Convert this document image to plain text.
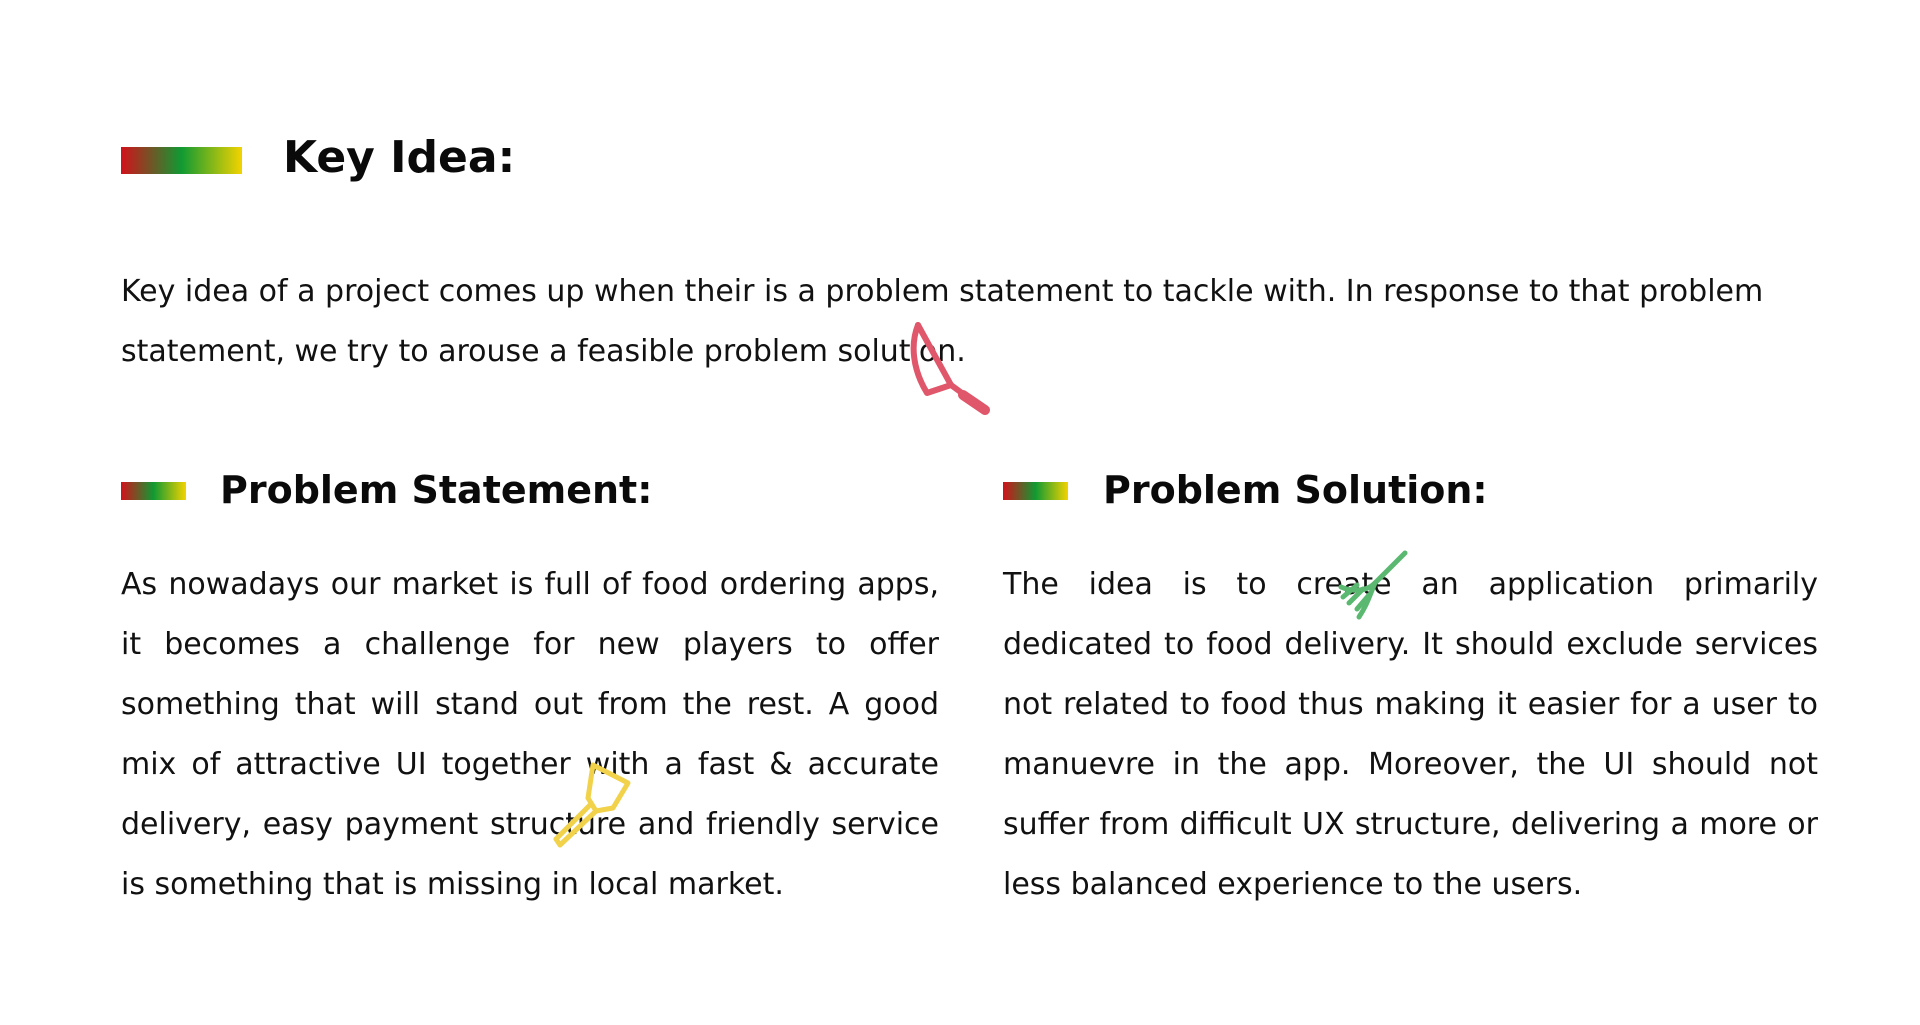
Key Idea:

Key idea of a project comes up when their is a problem statement to tackle with. In response to that problem statement, we try to arouse a feasible problem solution.

Problem Statement:

As nowadays our market is full of food ordering apps, it becomes a challenge for new players to offer something that will stand out from the rest. A good mix of attractive UI together with a fast & accurate delivery, easy payment structure and friendly service is something that is missing in local market.

Problem Solution:

The idea is to create an application primarily dedicated to food delivery. It should exclude services not related to food thus making it easier for a user to manuevre in the app. Moreover, the UI should not suffer from difficult UX structure, delivering a more or less balanced experience to the users.
